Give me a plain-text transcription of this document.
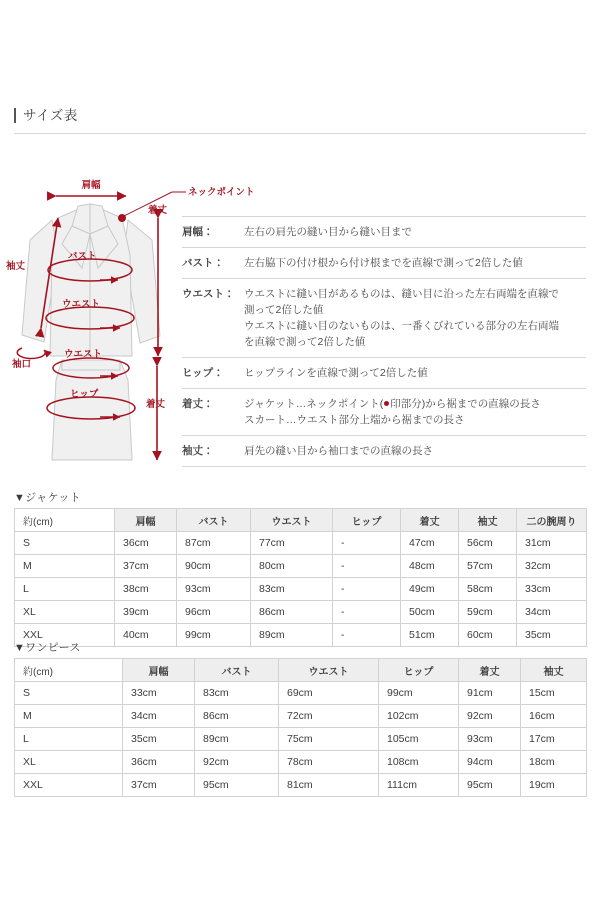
サイズ表
肩幅
ネックポイント
着丈
袖丈
バスト
ウエスト
袖口
ウエスト
ヒップ
着丈
肩幅：	左右の肩先の縫い目から縫い目まで
バスト：	左右脇下の付け根から付け根までを直線で測って2倍した値
ウエスト： ウエストに縫い目があるものは、縫い目に沿った左右両端を直線で
測って2倍した値
ウエストに縫い目のないものは、一番くびれている部分の左右両端
を直線で測って2倍した値
ヒップ：	ヒップラインを直線で測って2倍した値
着丈：	ジャケット…ネックポイント( 印部分)から裾までの直線の長さ
スカート…ウエスト部分上端から裾までの長さ
袖丈：	肩先の縫い目から袖口までの直線の長さ
▼ジャケット
約(cm)	肩幅	バスト	ウエスト	ヒップ	着丈	袖丈	二の腕周り
S	36cm	87cm	77cm	-	47cm	56cm	31cm
M	37cm	90cm	80cm	-	48cm	57cm	32cm
L	38cm	93cm	83cm	-	49cm	58cm	33cm
XL	39cm	96cm	86cm	-	50cm	59cm	34cm
XXL	40cm	99cm	89cm	-	51cm	60cm	35cm
▼ワンピース
約(cm)	肩幅	バスト	ウエスト	ヒップ	着丈	袖丈
S	33cm	83cm	69cm	99cm	91cm	15cm
M	34cm	86cm	72cm	102cm	92cm	16cm
L	35cm	89cm	75cm	105cm	93cm	17cm
XL	36cm	92cm	78cm	108cm	94cm	18cm
XXL	37cm	95cm	81cm	111cm	95cm	19cm
